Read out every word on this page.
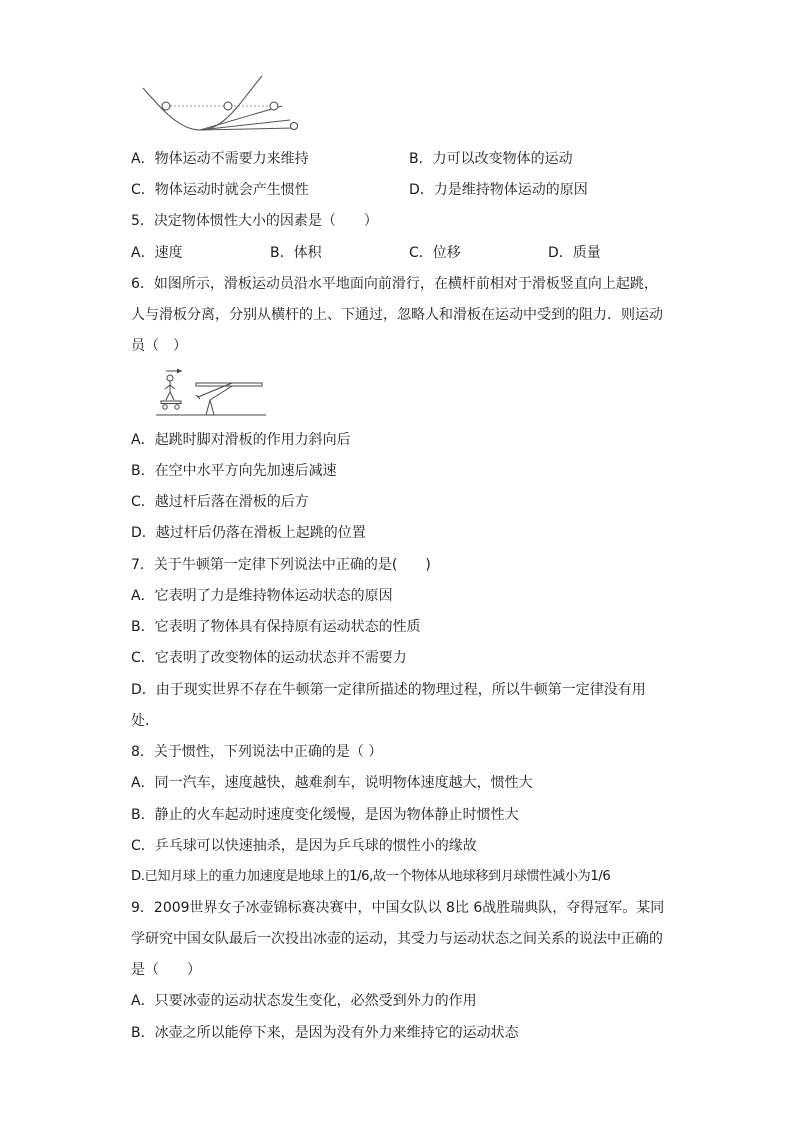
A．物体运动不需要力来维持	B．力可以改变物体的运动
C．物体运动时就会产生惯性	D．力是维持物体运动的原因
5．决定物体惯性大小的因素是（　　）
A．速度	B．体积	C．位移	D．质量
6．如图所示，滑板运动员沿水平地面向前滑行，在横杆前相对于滑板竖直向上起跳，
人与滑板分离，分别从横杆的上、下通过，忽略人和滑板在运动中受到的阻力．则运动
员（　）
A．起跳时脚对滑板的作用力斜向后
B．在空中水平方向先加速后减速
C．越过杆后落在滑板的后方
D．越过杆后仍落在滑板上起跳的位置
7．关于牛顿第一定律下列说法中正确的是(　　)
A．它表明了力是维持物体运动状态的原因
B．它表明了物体具有保持原有运动状态的性质
C．它表明了改变物体的运动状态并不需要力
D．由于现实世界不存在牛顿第一定律所描述的物理过程，所以牛顿第一定律没有用
处．
8．关于惯性，下列说法中正确的是（ ）
A．同一汽车，速度越快，越难刹车，说明物体速度越大，惯性大
B．静止的火车起动时速度变化缓慢，是因为物体静止时惯性大
C．乒乓球可以快速抽杀，是因为乒乓球的惯性小的缘故
D.已知月球上的重力加速度是地球上的1/6,故一个物体从地球移到月球惯性减小为1/6
9．2009世界女子冰壶锦标赛决赛中，中国女队以 8比 6战胜瑞典队，夺得冠军。某同
学研究中国女队最后一次投出冰壶的运动，其受力与运动状态之间关系的说法中正确的
是（　　）
A．只要冰壶的运动状态发生变化，必然受到外力的作用
B．冰壶之所以能停下来，是因为没有外力来维持它的运动状态
